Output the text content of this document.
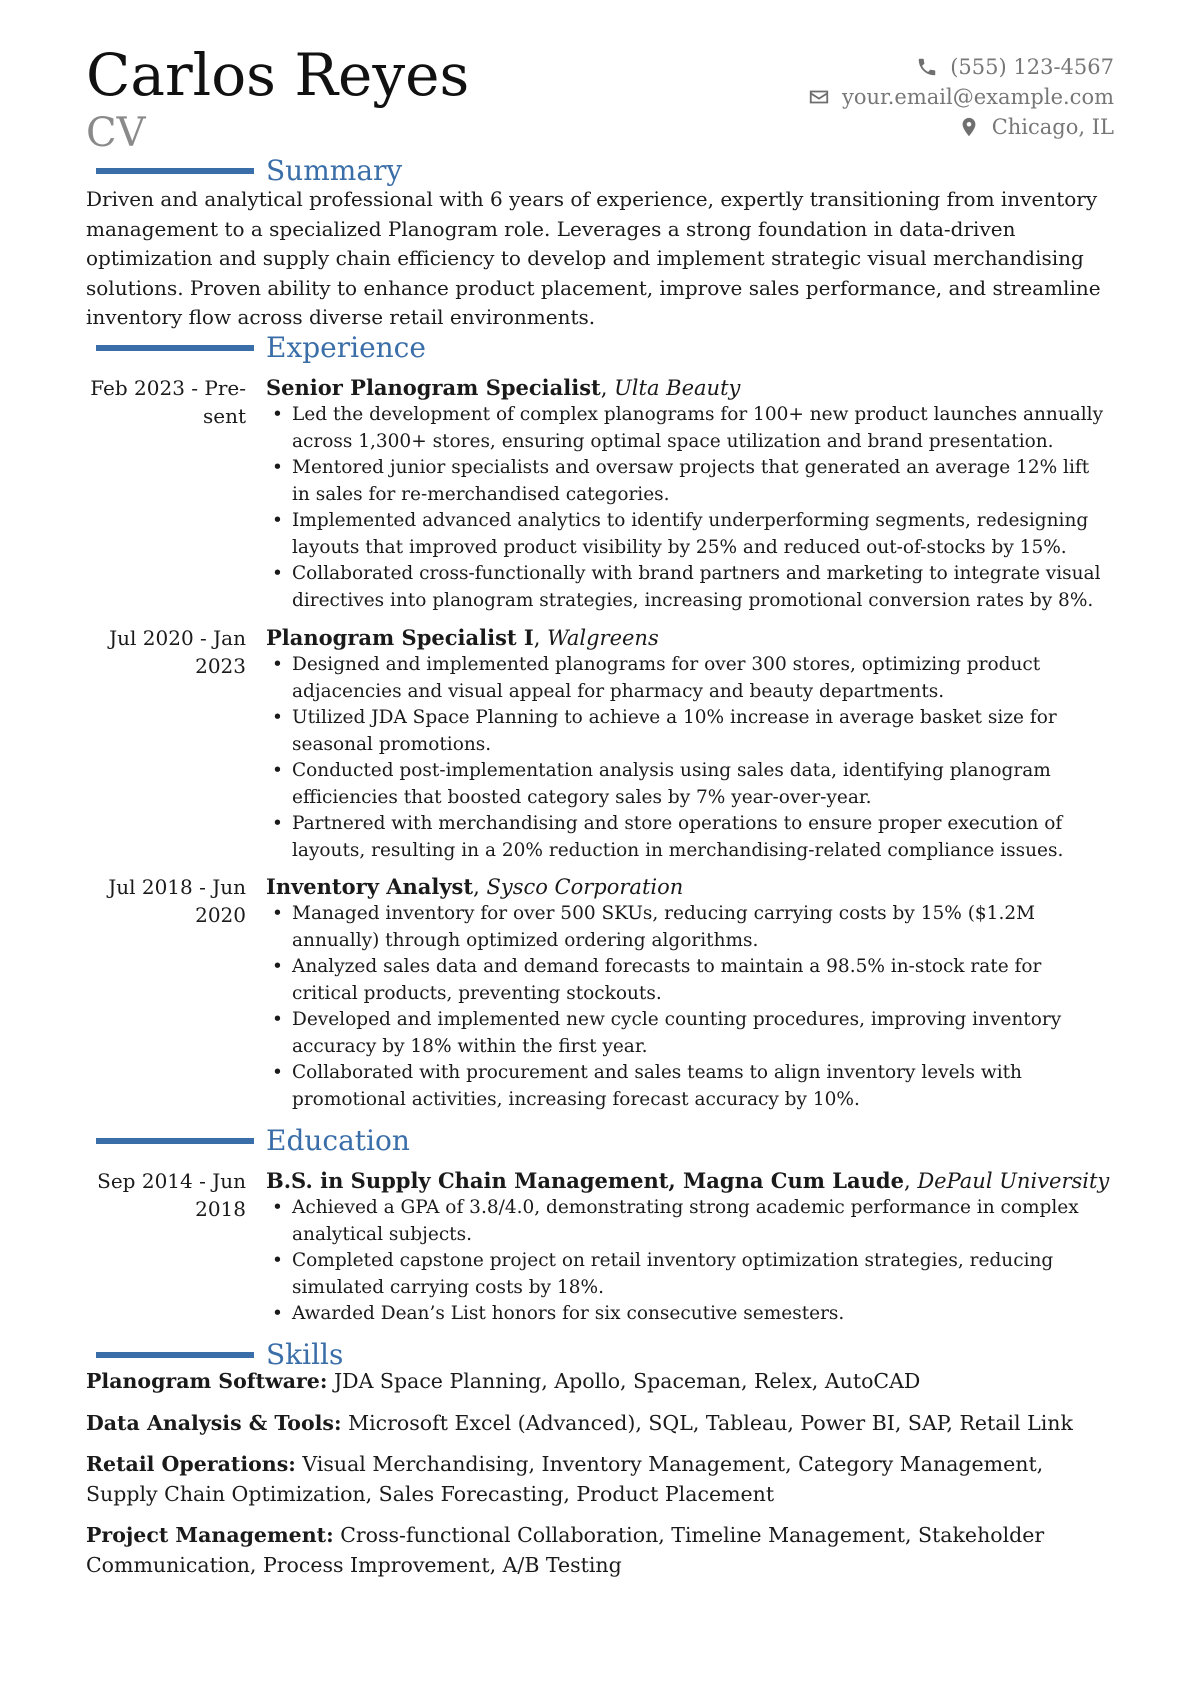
Carlos Reyes
CV
(555) 123-4567
your.email@example.com
Chicago, IL
Summary
Driven and analytical professional with 6 years of experience, expertly transitioning from inventory management to a specialized Planogram role. Leverages a strong foundation in data-driven optimization and supply chain efficiency to develop and implement strategic visual merchandising solutions. Proven ability to enhance product placement, improve sales performance, and streamline inventory flow across diverse retail environments.
Experience
Feb 2023 - Pre-
sent
Senior Planogram Specialist, Ulta Beauty
• Led the development of complex planograms for 100+ new product launches annually across 1,300+ stores, ensuring optimal space utilization and brand presentation.
• Mentored junior specialists and oversaw projects that generated an average 12% lift in sales for re-merchandised categories.
• Implemented advanced analytics to identify underperforming segments, redesigning layouts that improved product visibility by 25% and reduced out-of-stocks by 15%.
• Collaborated cross-functionally with brand partners and marketing to integrate visual directives into planogram strategies, increasing promotional conversion rates by 8%.
Jul 2020 - Jan
2023
Planogram Specialist I, Walgreens
• Designed and implemented planograms for over 300 stores, optimizing product adjacencies and visual appeal for pharmacy and beauty departments.
• Utilized JDA Space Planning to achieve a 10% increase in average basket size for seasonal promotions.
• Conducted post-implementation analysis using sales data, identifying planogram efficiencies that boosted category sales by 7% year-over-year.
• Partnered with merchandising and store operations to ensure proper execution of layouts, resulting in a 20% reduction in merchandising-related compliance issues.
Jul 2018 - Jun
2020
Inventory Analyst, Sysco Corporation
• Managed inventory for over 500 SKUs, reducing carrying costs by 15% ($1.2M annually) through optimized ordering algorithms.
• Analyzed sales data and demand forecasts to maintain a 98.5% in-stock rate for critical products, preventing stockouts.
• Developed and implemented new cycle counting procedures, improving inventory accuracy by 18% within the first year.
• Collaborated with procurement and sales teams to align inventory levels with promotional activities, increasing forecast accuracy by 10%.
Education
Sep 2014 - Jun
2018
B.S. in Supply Chain Management, Magna Cum Laude, DePaul University
• Achieved a GPA of 3.8/4.0, demonstrating strong academic performance in complex analytical subjects.
• Completed capstone project on retail inventory optimization strategies, reducing simulated carrying costs by 18%.
• Awarded Dean’s List honors for six consecutive semesters.
Skills
Planogram Software: JDA Space Planning, Apollo, Spaceman, Relex, AutoCAD
Data Analysis & Tools: Microsoft Excel (Advanced), SQL, Tableau, Power BI, SAP, Retail Link
Retail Operations: Visual Merchandising, Inventory Management, Category Management, Supply Chain Optimization, Sales Forecasting, Product Placement
Project Management: Cross-functional Collaboration, Timeline Management, Stakeholder Communication, Process Improvement, A/B Testing
